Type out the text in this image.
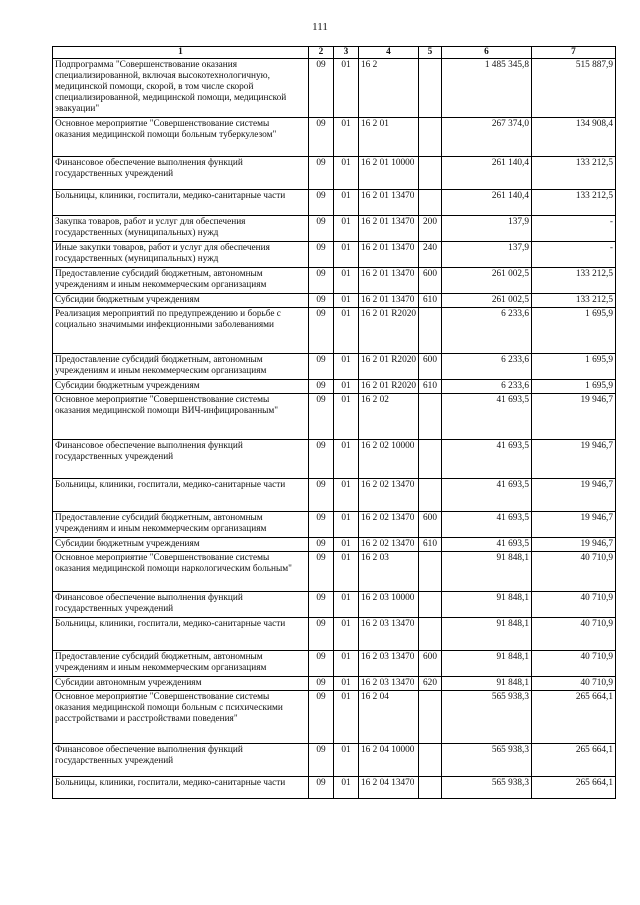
111
1	2	3	4	5	6	7
Подпрограмма "Совершенствование оказания специализированной, включая высокотехнологичную, медицинской помощи, скорой, в том числе скорой специализированной, медицинской помощи, медицинской эвакуации"	09	01	16 2		1 485 345,8	515 887,9
Основное мероприятие "Совершенствование системы оказания медицинской помощи больным туберкулезом"	09	01	16 2 01		267 374,0	134 908,4
Финансовое обеспечение выполнения функций государственных учреждений	09	01	16 2 01 10000		261 140,4	133 212,5
Больницы, клиники, госпитали, медико-санитарные части	09	01	16 2 01 13470		261 140,4	133 212,5
Закупка товаров, работ и услуг для обеспечения государственных (муниципальных) нужд	09	01	16 2 01 13470	200	137,9	-
Иные закупки товаров, работ и услуг для обеспечения государственных (муниципальных) нужд	09	01	16 2 01 13470	240	137,9	-
Предоставление субсидий бюджетным, автономным учреждениям и иным некоммерческим организациям	09	01	16 2 01 13470	600	261 002,5	133 212,5
Субсидии бюджетным учреждениям	09	01	16 2 01 13470	610	261 002,5	133 212,5
Реализация мероприятий по предупреждению и борьбе с социально значимыми инфекционными заболеваниями	09	01	16 2 01 R2020		6 233,6	1 695,9
Предоставление субсидий бюджетным, автономным учреждениям и иным некоммерческим организациям	09	01	16 2 01 R2020	600	6 233,6	1 695,9
Субсидии бюджетным учреждениям	09	01	16 2 01 R2020	610	6 233,6	1 695,9
Основное мероприятие "Совершенствование системы оказания медицинской помощи ВИЧ-инфицированным"	09	01	16 2 02		41 693,5	19 946,7
Финансовое обеспечение выполнения функций государственных учреждений	09	01	16 2 02 10000		41 693,5	19 946,7
Больницы, клиники, госпитали, медико-санитарные части	09	01	16 2 02 13470		41 693,5	19 946,7
Предоставление субсидий бюджетным, автономным учреждениям и иным некоммерческим организациям	09	01	16 2 02 13470	600	41 693,5	19 946,7
Субсидии бюджетным учреждениям	09	01	16 2 02 13470	610	41 693,5	19 946,7
Основное мероприятие "Совершенствование системы оказания медицинской помощи наркологическим больным"	09	01	16 2 03		91 848,1	40 710,9
Финансовое обеспечение выполнения функций государственных учреждений	09	01	16 2 03 10000		91 848,1	40 710,9
Больницы, клиники, госпитали, медико-санитарные части	09	01	16 2 03 13470		91 848,1	40 710,9
Предоставление субсидий бюджетным, автономным учреждениям и иным некоммерческим организациям	09	01	16 2 03 13470	600	91 848,1	40 710,9
Субсидии автономным учреждениям	09	01	16 2 03 13470	620	91 848,1	40 710,9
Основное мероприятие "Совершенствование системы оказания медицинской помощи больным с психическими расстройствами и расстройствами поведения"	09	01	16 2 04		565 938,3	265 664,1
Финансовое обеспечение выполнения функций государственных учреждений	09	01	16 2 04 10000		565 938,3	265 664,1
Больницы, клиники, госпитали, медико-санитарные части	09	01	16 2 04 13470		565 938,3	265 664,1
